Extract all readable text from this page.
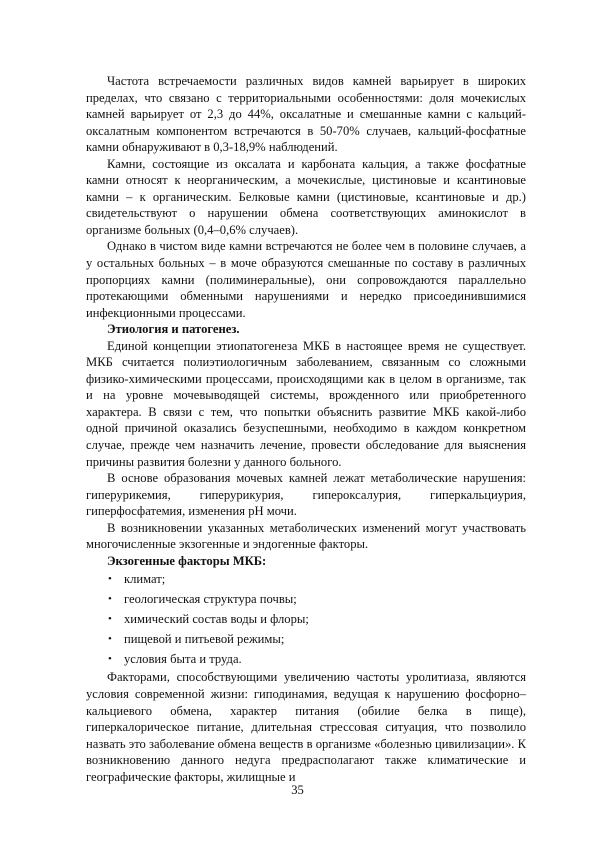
Частота встречаемости различных видов камней варьирует в широких пределах, что связано с территориальными особенностями: доля мочекислых камней варьирует от 2,3 до 44%, оксалатные и смешанные камни с кальций-оксалатным компонентом встречаются в 50-70% случаев, кальций-фосфатные камни обнаруживают в 0,3-18,9% наблюдений.

Камни, состоящие из оксалата и карбоната кальция, а также фосфатные камни относят к неорганическим, а мочекислые, цистиновые и ксантиновые камни – к органическим. Белковые камни (цистиновые, ксантиновые и др.) свидетельствуют о нарушении обмена соответствующих аминокислот в организме больных (0,4–0,6% случаев).

Однако в чистом виде камни встречаются не более чем в половине случаев, а у остальных больных – в моче образуются смешанные по составу в различных пропорциях камни (полиминеральные), они сопровождаются параллельно протекающими обменными нарушениями и нередко присоединившимися инфекционными процессами.

Этиология и патогенез.

Единой концепции этиопатогенеза МКБ в настоящее время не существует. МКБ считается полиэтиологичным заболеванием, связанным со сложными физико-химическими процессами, происходящими как в целом в организме, так и на уровне мочевыводящей системы, врожденного или приобретенного характера. В связи с тем, что попытки объяснить развитие МКБ какой-либо одной причиной оказались безуспешными, необходимо в каждом конкретном случае, прежде чем назначить лечение, провести обследование для выяснения причины развития болезни у данного больного.

В основе образования мочевых камней лежат метаболические нарушения: гиперурикемия, гиперурикурия, гипероксалурия, гиперкальциурия, гиперфосфатемия, изменения pH мочи.

В возникновении указанных метаболических изменений могут участвовать многочисленные экзогенные и эндогенные факторы.

Экзогенные факторы МКБ:

• климат;
• геологическая структура почвы;
• химический состав воды и флоры;
• пищевой и питьевой режимы;
• условия быта и труда.

Факторами, способствующими увеличению частоты уролитиаза, являются условия современной жизни: гиподинамия, ведущая к нарушению фосфорно–кальциевого обмена, характер питания (обилие белка в пище), гиперкалорическое питание, длительная стрессовая ситуация, что позволило назвать это заболевание обмена веществ в организме «болезнью цивилизации». К возникновению данного недуга предрасполагают также климатические и географические факторы, жилищные и

35
